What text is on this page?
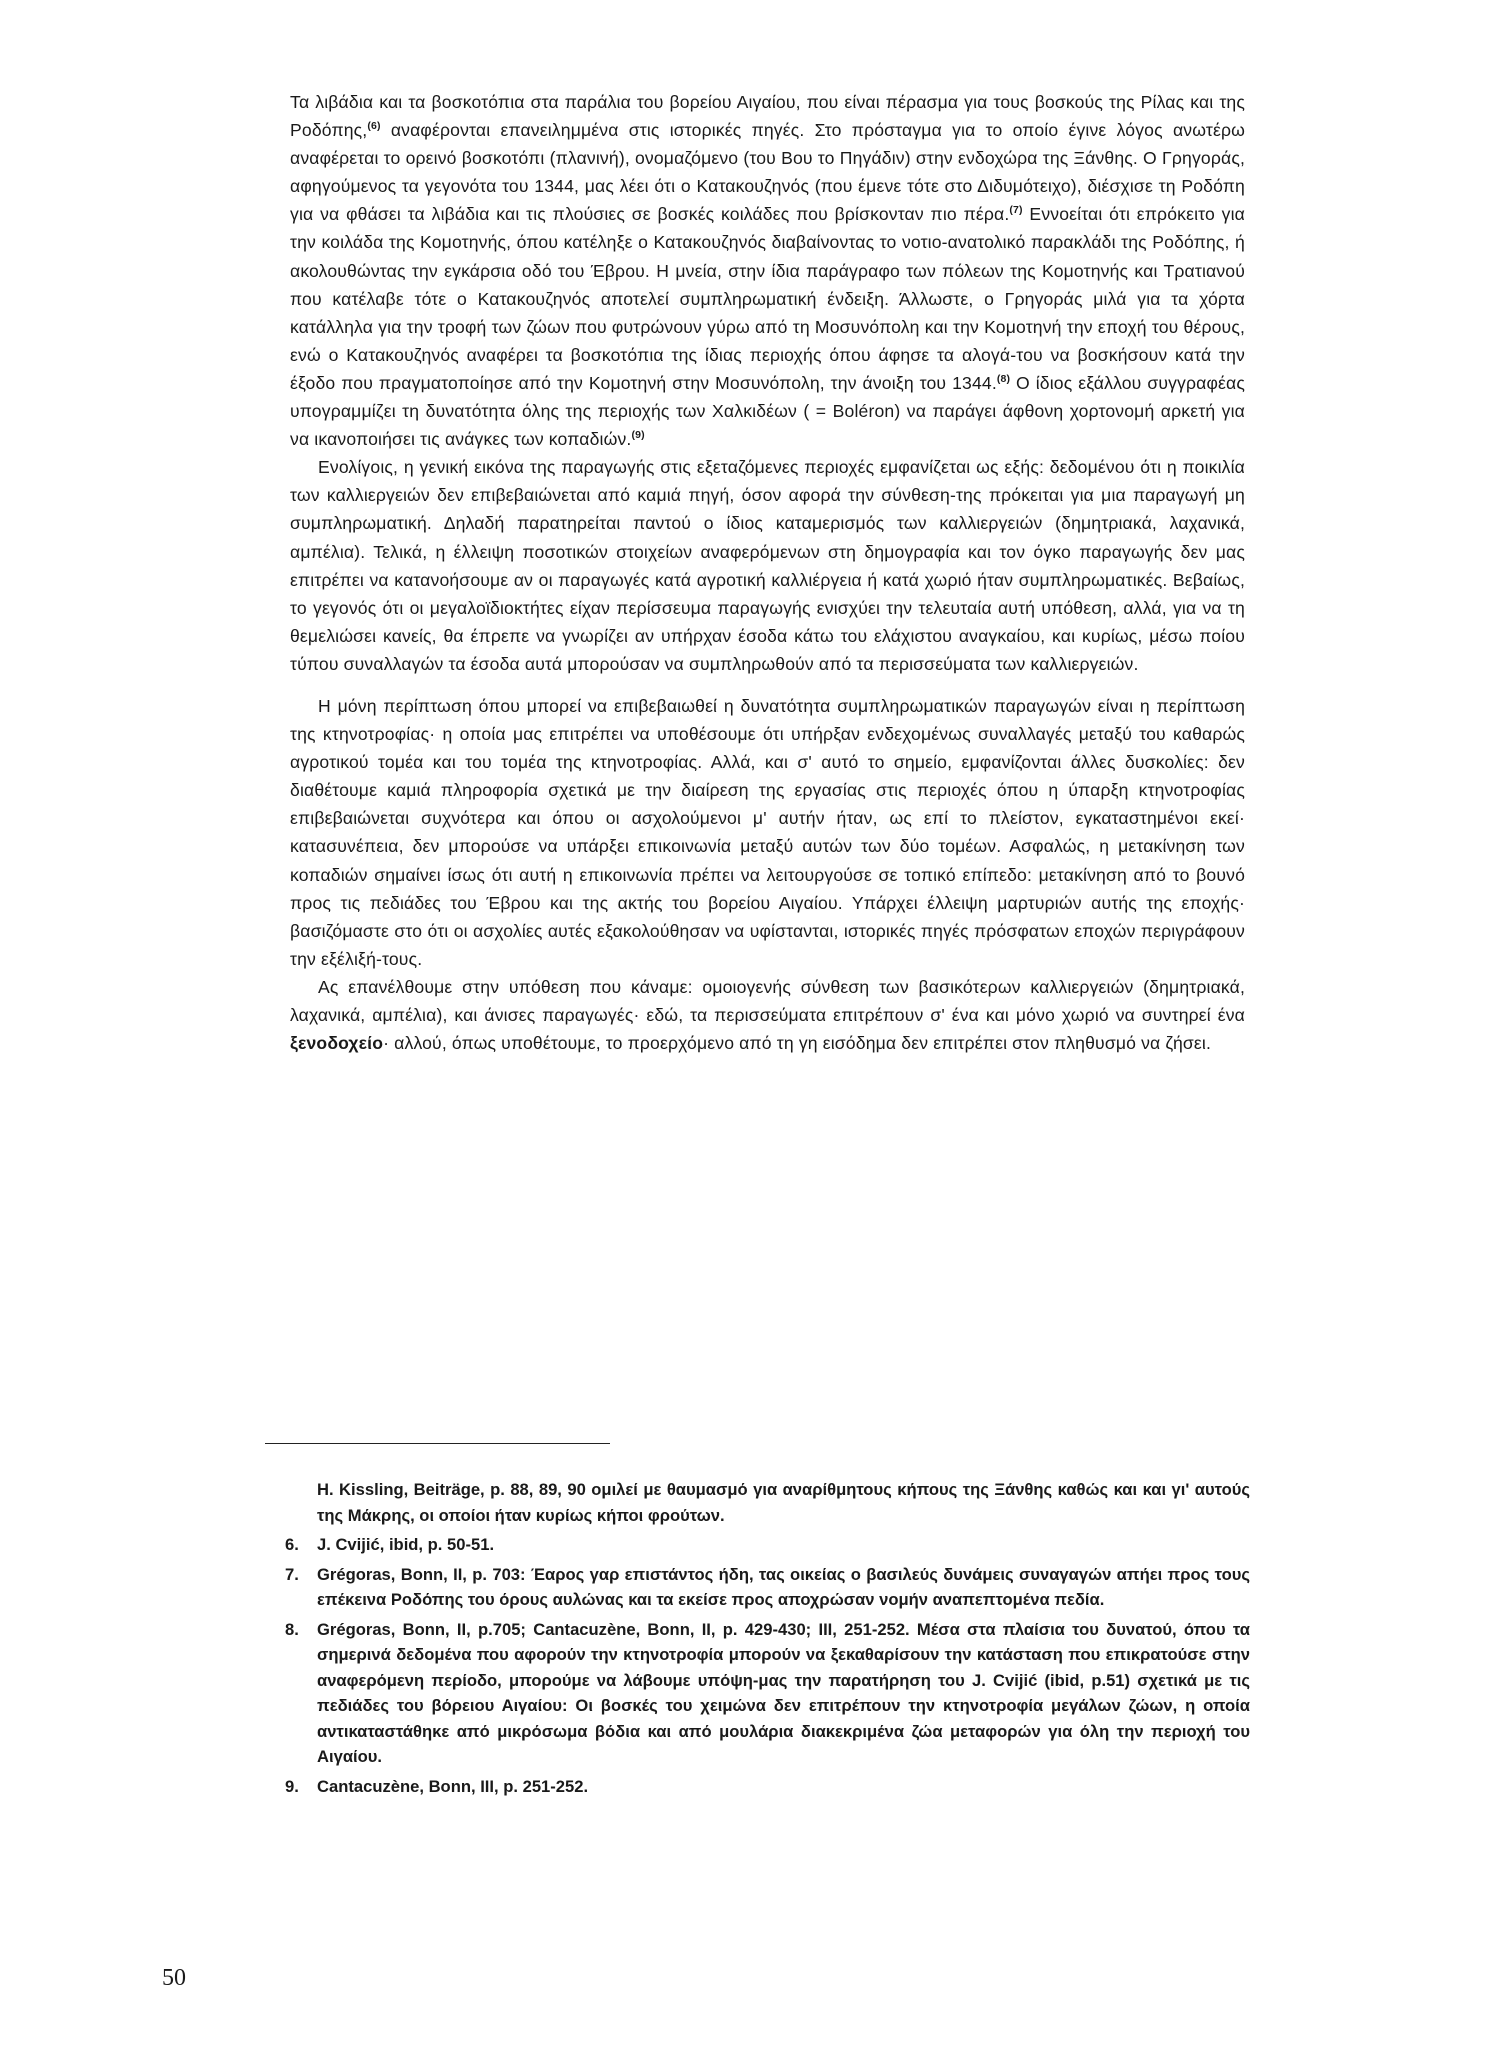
Τα λιβάδια και τα βοσκοτόπια στα παράλια του βορείου Αιγαίου, που είναι πέρασμα για τους βοσκούς της Ρίλας και της Ροδόπης,$^{(6)}$ αναφέρονται επανειλημμένα στις ιστορικές πηγές. Στο πρόσταγμα για το οποίο έγινε λόγος ανωτέρω αναφέρεται το ορεινό βοσκοτόπι (πλανινή), ονομαζόμενο (του Βου το Πηγάδιν) στην ενδοχώρα της Ξάνθης. Ο Γρηγοράς, αφηγούμενος τα γεγονότα του 1344, μας λέει ότι ο Κατακουζηνός (που έμενε τότε στο Διδυμότειχο), διέσχισε τη Ροδόπη για να φθάσει τα λιβάδια και τις πλούσιες σε βοσκές κοιλάδες που βρίσκονταν πιο πέρα.$^{(7)}$ Εννοείται ότι επρόκειτο για την κοιλάδα της Κομοτηνής, όπου κατέληξε ο Κατακουζηνός διαβαίνοντας το νοτιο-ανατολικό παρακλάδι της Ροδόπης, ή ακολουθώντας την εγκάρσια οδό του Έβρου. Η μνεία, στην ίδια παράγραφο των πόλεων της Κομοτηνής και Τρατιανού που κατέλαβε τότε ο Κατακουζηνός αποτελεί συμπληρωματική ένδειξη. Άλλωστε, ο Γρηγοράς μιλά για τα χόρτα κατάλληλα για την τροφή των ζώων που φυτρώνουν γύρω από τη Μοσυνόπολη και την Κομοτηνή την εποχή του θέρους, ενώ ο Κατακουζηνός αναφέρει τα βοσκοτόπια της ίδιας περιοχής όπου άφησε τα αλογά-του να βοσκήσουν κατά την έξοδο που πραγματοποίησε από την Κομοτηνή στην Μοσυνόπολη, την άνοιξη του 1344.$^{(8)}$ Ο ίδιος εξάλλου συγγραφέας υπογραμμίζει τη δυνατότητα όλης της περιοχής των Χαλκιδέων ( = Boléron) να παράγει άφθονη χορτονομή αρκετή για να ικανοποιήσει τις ανάγκες των κοπαδιών.$^{(9)}$

Ενολίγοις, η γενική εικόνα της παραγωγής στις εξεταζόμενες περιοχές εμφανίζεται ως εξής: δεδομένου ότι η ποικιλία των καλλιεργειών δεν επιβεβαιώνεται από καμιά πηγή, όσον αφορά την σύνθεση-της πρόκειται για μια παραγωγή μη συμπληρωματική. Δηλαδή παρατηρείται παντού ο ίδιος καταμερισμός των καλλιεργειών (δημητριακά, λαχανικά, αμπέλια). Τελικά, η έλλειψη ποσοτικών στοιχείων αναφερόμενων στη δημογραφία και τον όγκο παραγωγής δεν μας επιτρέπει να κατανοήσουμε αν οι παραγωγές κατά αγροτική καλλιέργεια ή κατά χωριό ήταν συμπληρωματικές. Βεβαίως, το γεγονός ότι οι μεγαλοϊδιοκτήτες είχαν περίσσευμα παραγωγής ενισχύει την τελευταία αυτή υπόθεση, αλλά, για να τη θεμελιώσει κανείς, θα έπρεπε να γνωρίζει αν υπήρχαν έσοδα κάτω του ελάχιστου αναγκαίου, και κυρίως, μέσω ποίου τύπου συναλλαγών τα έσοδα αυτά μπορούσαν να συμπληρωθούν από τα περισσεύματα των καλλιεργειών.

Η μόνη περίπτωση όπου μπορεί να επιβεβαιωθεί η δυνατότητα συμπληρωματικών παραγωγών είναι η περίπτωση της κτηνοτροφίας· η οποία μας επιτρέπει να υποθέσουμε ότι υπήρξαν ενδεχομένως συναλλαγές μεταξύ του καθαρώς αγροτικού τομέα και του τομέα της κτηνοτροφίας. Αλλά, και σ' αυτό το σημείο, εμφανίζονται άλλες δυσκολίες: δεν διαθέτουμε καμιά πληροφορία σχετικά με την διαίρεση της εργασίας στις περιοχές όπου η ύπαρξη κτηνοτροφίας επιβεβαιώνεται συχνότερα και όπου οι ασχολούμενοι μ' αυτήν ήταν, ως επί το πλείστον, εγκαταστημένοι εκεί· κατασυνέπεια, δεν μπορούσε να υπάρξει επικοινωνία μεταξύ αυτών των δύο τομέων. Ασφαλώς, η μετακίνηση των κοπαδιών σημαίνει ίσως ότι αυτή η επικοινωνία πρέπει να λειτουργούσε σε τοπικό επίπεδο: μετακίνηση από το βουνό προς τις πεδιάδες του Έβρου και της ακτής του βορείου Αιγαίου. Υπάρχει έλλειψη μαρτυριών αυτής της εποχής· βασιζόμαστε στο ότι οι ασχολίες αυτές εξακολούθησαν να υφίστανται, ιστορικές πηγές πρόσφατων εποχών περιγράφουν την εξέλιξή-τους.

Ας επανέλθουμε στην υπόθεση που κάναμε: ομοιογενής σύνθεση των βασικότερων καλλιεργειών (δημητριακά, λαχανικά, αμπέλια), και άνισες παραγωγές· εδώ, τα περισσεύματα επιτρέπουν σ' ένα και μόνο χωριό να συντηρεί ένα ξενοδοχείο· αλλού, όπως υποθέτουμε, το προερχόμενο από τη γη εισόδημα δεν επιτρέπει στον πληθυσμό να ζήσει.

H. Kissling, Beiträge, p. 88, 89, 90 ομιλεί με θαυμασμό για αναρίθμητους κήπους της Ξάνθης καθώς και και γι' αυτούς της Μάκρης, οι οποίοι ήταν κυρίως κήποι φρούτων.
6. J. Cvijić, ibid, p. 50-51.
7. Grégoras, Bonn, II, p. 703: Έαρος γαρ επιστάντος ήδη, τας οικείας ο βασιλεύς δυνάμεις συναγαγών απήει προς τους επέκεινα Ροδόπης του όρους αυλώνας και τα εκείσε προς αποχρώσαν νομήν αναπεπτομένα πεδία.
8. Grégoras, Bonn, II, p.705; Cantacuzène, Bonn, II, p. 429-430; III, 251-252. Μέσα στα πλαίσια του δυνατού, όπου τα σημερινά δεδομένα που αφορούν την κτηνοτροφία μπορούν να ξεκαθαρίσουν την κατάσταση που επικρατούσε στην αναφερόμενη περίοδο, μπορούμε να λάβουμε υπόψη-μας την παρατήρηση του J. Cvijić (ibid, p.51) σχετικά με τις πεδιάδες του βόρειου Αιγαίου: Οι βοσκές του χειμώνα δεν επιτρέπουν την κτηνοτροφία μεγάλων ζώων, η οποία αντικαταστάθηκε από μικρόσωμα βόδια και από μουλάρια διακεκριμένα ζώα μεταφορών για όλη την περιοχή του Αιγαίου.
9. Cantacuzène, Bonn, III, p. 251-252.
50
